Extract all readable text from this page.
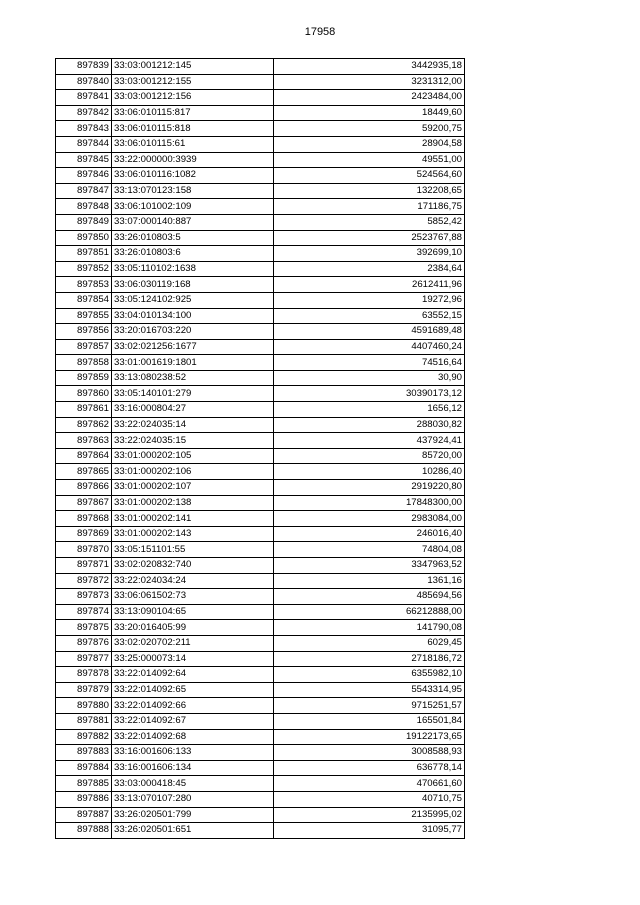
17958
897839	33:03:001212:145	3442935,18
897840	33:03:001212:155	3231312,00
897841	33:03:001212:156	2423484,00
897842	33:06:010115:817	18449,60
897843	33:06:010115:818	59200,75
897844	33:06:010115:61	28904,58
897845	33:22:000000:3939	49551,00
897846	33:06:010116:1082	524564,60
897847	33:13:070123:158	132208,65
897848	33:06:101002:109	171186,75
897849	33:07:000140:887	5852,42
897850	33:26:010803:5	2523767,88
897851	33:26:010803:6	392699,10
897852	33:05:110102:1638	2384,64
897853	33:06:030119:168	2612411,96
897854	33:05:124102:925	19272,96
897855	33:04:010134:100	63552,15
897856	33:20:016703:220	4591689,48
897857	33:02:021256:1677	4407460,24
897858	33:01:001619:1801	74516,64
897859	33:13:080238:52	30,90
897860	33:05:140101:279	30390173,12
897861	33:16:000804:27	1656,12
897862	33:22:024035:14	288030,82
897863	33:22:024035:15	437924,41
897864	33:01:000202:105	85720,00
897865	33:01:000202:106	10286,40
897866	33:01:000202:107	2919220,80
897867	33:01:000202:138	17848300,00
897868	33:01:000202:141	2983084,00
897869	33:01:000202:143	246016,40
897870	33:05:151101:55	74804,08
897871	33:02:020832:740	3347963,52
897872	33:22:024034:24	1361,16
897873	33:06:061502:73	485694,56
897874	33:13:090104:65	66212888,00
897875	33:20:016405:99	141790,08
897876	33:02:020702:211	6029,45
897877	33:25:000073:14	2718186,72
897878	33:22:014092:64	6355982,10
897879	33:22:014092:65	5543314,95
897880	33:22:014092:66	9715251,57
897881	33:22:014092:67	165501,84
897882	33:22:014092:68	19122173,65
897883	33:16:001606:133	3008588,93
897884	33:16:001606:134	636778,14
897885	33:03:000418:45	470661,60
897886	33:13:070107:280	40710,75
897887	33:26:020501:799	2135995,02
897888	33:26:020501:651	31095,77
